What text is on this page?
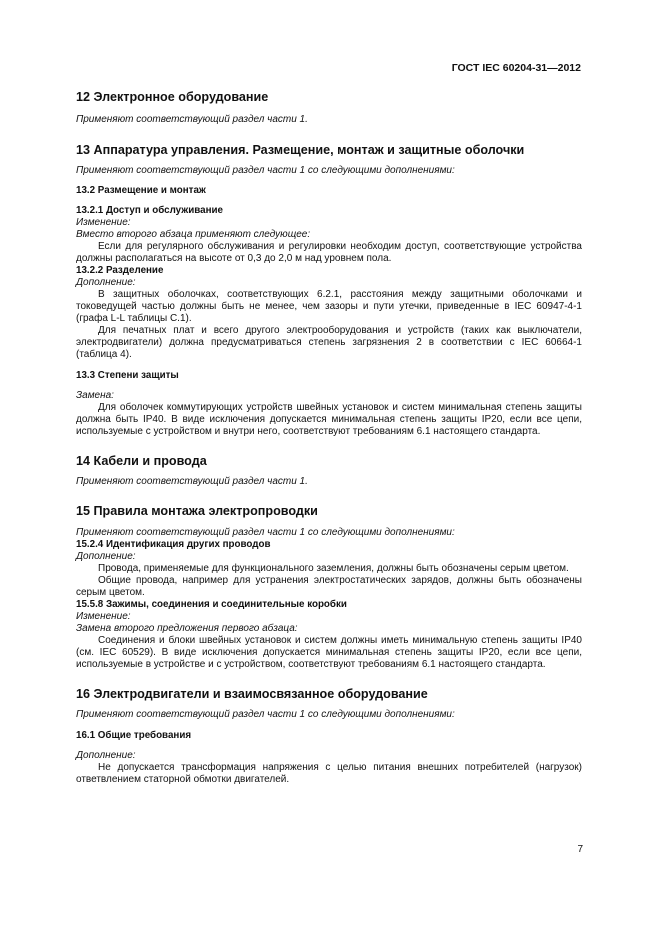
ГОСТ IEC 60204-31—2012

12 Электронное оборудование

Применяют соответствующий раздел части 1.

13 Аппаратура управления. Размещение, монтаж и защитные оболочки

Применяют соответствующий раздел части 1 со следующими дополнениями:

13.2 Размещение и монтаж

13.2.1 Доступ и обслуживание

Изменение:

Вместо второго абзаца применяют следующее:

Если для регулярного обслуживания и регулировки необходим доступ, соответствующие устройства должны располагаться на высоте от 0,3 до 2,0 м над уровнем пола.

13.2.2 Разделение

Дополнение:

В защитных оболочках, соответствующих 6.2.1, расстояния между защитными оболочками и токоведущей частью должны быть не менее, чем зазоры и пути утечки, приведенные в IEC 60947-4-1 (графа L-L таблицы С.1).

Для печатных плат и всего другого электрооборудования и устройств (таких как выключатели, электродвигатели) должна предусматриваться степень загрязнения 2 в соответствии с IEC 60664-1 (таблица 4).

13.3 Степени защиты

Замена:

Для оболочек коммутирующих устройств швейных установок и систем минимальная степень защиты должна быть IP40. В виде исключения допускается минимальная степень защиты IP20, если все цепи, используемые с устройством и внутри него, соответствуют требованиям 6.1 настоящего стандарта.

14 Кабели и провода

Применяют соответствующий раздел части 1.

15 Правила монтажа электропроводки

Применяют соответствующий раздел части 1 со следующими дополнениями:

15.2.4 Идентификация других проводов

Дополнение:

Провода, применяемые для функционального заземления, должны быть обозначены серым цветом.

Общие провода, например для устранения электростатических зарядов, должны быть обозначены серым цветом.

15.5.8 Зажимы, соединения и соединительные коробки

Изменение:

Замена второго предложения первого абзаца:

Соединения и блоки швейных установок и систем должны иметь минимальную степень защиты IP40 (см. IEC 60529). В виде исключения допускается минимальная степень защиты IP20, если все цепи, используемые в устройстве и с устройством, соответствуют требованиям 6.1 настоящего стандарта.

16 Электродвигатели и взаимосвязанное оборудование

Применяют соответствующий раздел части 1 со следующими дополнениями:

16.1 Общие требования

Дополнение:

Не допускается трансформация напряжения с целью питания внешних потребителей (нагрузок) ответвлением статорной обмотки двигателей.

7
